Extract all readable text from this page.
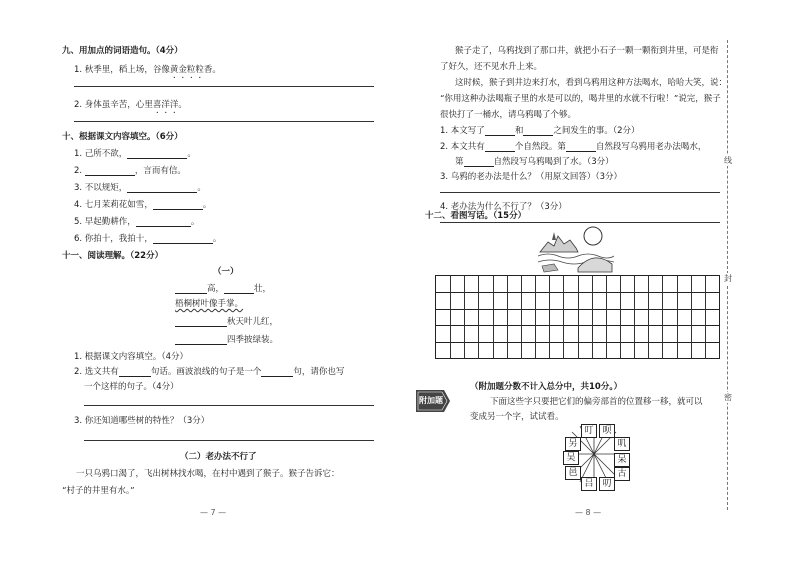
九、用加点的词语造句。（4分）
1. 秋季里，稻上场，谷像黄金粒粒香。
2. 身体虽辛苦，心里喜洋洋。
十、根据课文内容填空。（6分）
1. 己所不欲，	。
2.	，言而有信。
3. 不以规矩，	。
4. 七月茉莉花如雪，	。
5. 早起勤耕作，	。
6. 你拍十，我拍十，	。
十一、阅读理解。（22分）
（一）
高，	壮，
梧桐树叶像手掌。
秋天叶儿红，
四季披绿装。
1. 根据课文内容填空。（4分）
2. 选文共有	句话。画波浪线的句子是一个	句，请你也写
一个这样的句子。（4分）
3. 你还知道哪些树的特性？（3分）
（二）老办法不行了
一只乌鸦口渴了，飞出树林找水喝，在村中遇到了猴子。猴子告诉它：
“村子的井里有水。”
— 7 —
猴子走了，乌鸦找到了那口井，就把小石子一颗一颗衔到井里，可是衔
了好久，还不见水升上来。
这时候，猴子到井边来打水，看到乌鸦用这种方法喝水，哈哈大笑，说：
“你用这种办法喝瓶子里的水是可以的，喝井里的水就不行啦！”说完，猴子
很快打了一桶水，请乌鸦喝了个够。
1. 本文写了	和	之间发生的事。（2分）
2. 本文共有	个自然段。第	自然段写乌鸦用老办法喝水，
第	自然段写乌鸦喝到了水。（3分）
3. 乌鸦的老办法是什么？（用原文回答）（3分）
4. 老办法为什么不行了？（3分）
十二、看图写话。（15分）
附加题
（附加题分数不计入总分中，共10分。）
下面这些字只要把它们的偏旁部首的位置移一移，就可以
变成另一个字，试试看。
叮 呗
另	叽
呆
吴
古
邑
吕 叨
— 8 —
线
封
密
